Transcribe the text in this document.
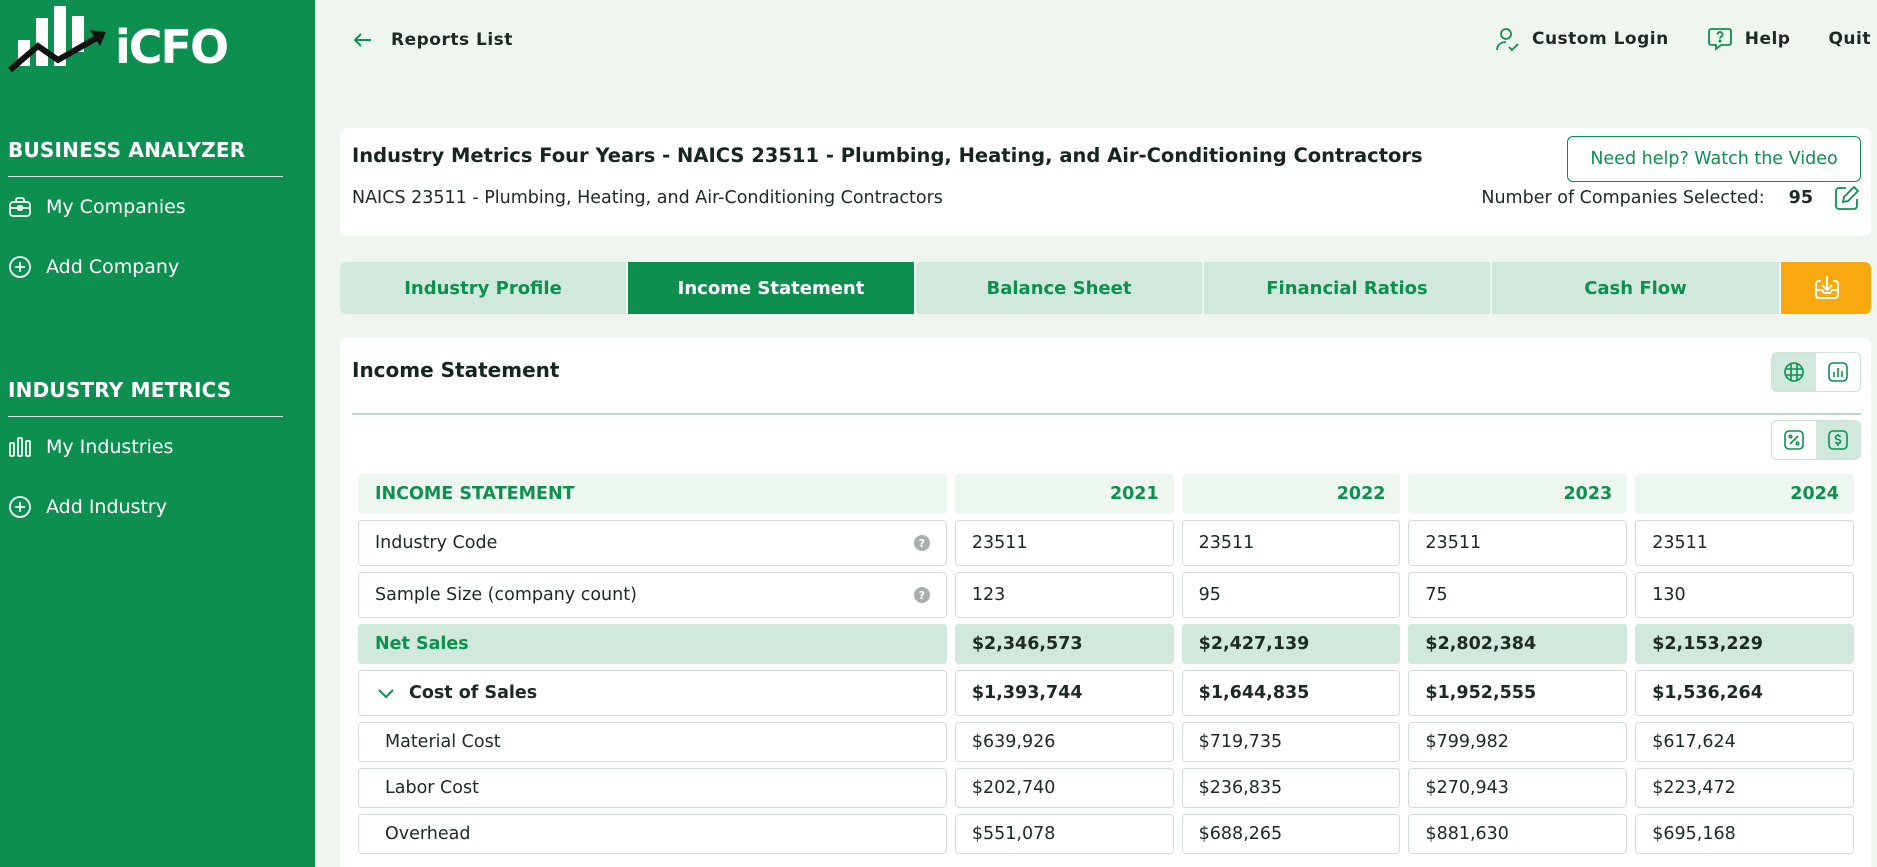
iCFO
BUSINESS ANALYZER
My Companies
Add Company
INDUSTRY METRICS
My Industries
Add Industry
Reports List	Custom Login	Help Quit
Industry Metrics Four Years - NAICS 23511 - Plumbing, Heating, and Air-Conditioning Contractors
NAICS 23511 - Plumbing, Heating, and Air-Conditioning Contractors
Need help? Watch the Video
Number of Companies Selected: 95
Industry Profile	Income Statement	Balance Sheet	Financial Ratios	Cash Flow
Income Statement
INCOME STATEMENT	2021	2022	2023	2024
Industry Code	?	23511	23511	23511	23511
Sample Size (company count)	?	123	95	75	130
Net Sales	$2,346,573	$2,427,139	$2,802,384	$2,153,229
Cost of Sales	$1,393,744	$1,644,835	$1,952,555	$1,536,264
Material Cost	$639,926	$719,735	$799,982	$617,624
Labor Cost	$202,740	$236,835	$270,943	$223,472
Overhead	$551,078	$688,265	$881,630	$695,168
